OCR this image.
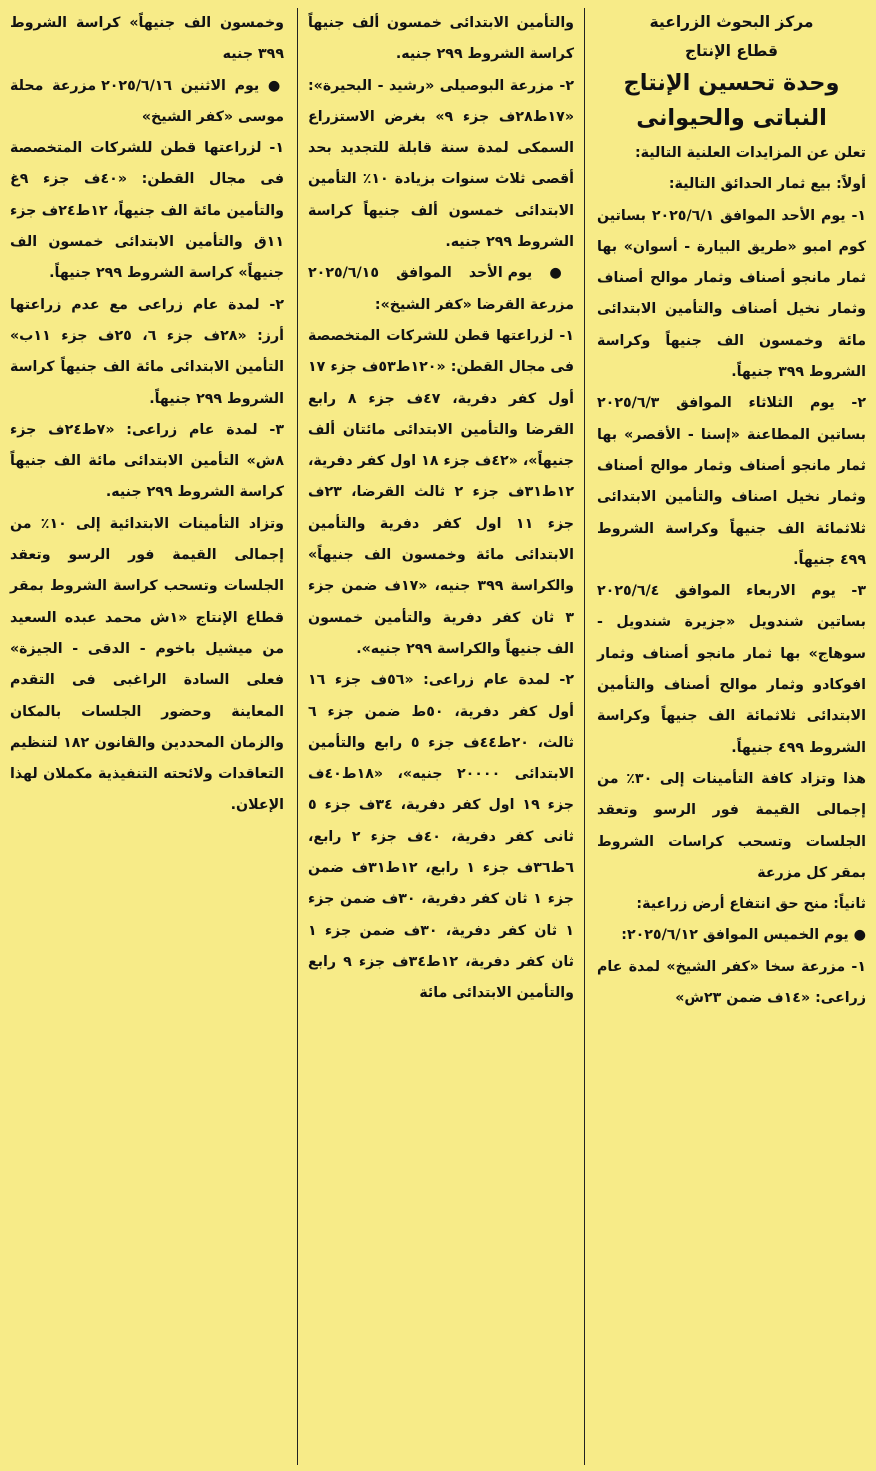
مركز البحوث الزراعية
قطاع الإنتاج
وحدة تحسين الإنتاج
النباتى والحيوانى

تعلن عن المزايدات العلنية التالية:

أولاً: بيع ثمار الحدائق التالية:

١- يوم الأحد الموافق ٢٠٢٥/٦/١ بساتين كوم امبو «طريق البيارة - أسوان» بها ثمار مانجو أصناف وثمار موالح أصناف وثمار نخيل أصناف والتأمين الابتدائى مائة وخمسون الف جنيهاً وكراسة الشروط ٣٩٩ جنيهاً.

٢- يوم الثلاثاء الموافق ٢٠٢٥/٦/٣ بساتين المطاعنة «إسنا - الأقصر» بها ثمار مانجو أصناف وثمار موالح أصناف وثمار نخيل اصناف والتأمين الابتدائى ثلاثمائة الف جنيهاً وكراسة الشروط ٤٩٩ جنيهاً.

٣- يوم الاربعاء الموافق ٢٠٢٥/٦/٤ بساتين شندويل «جزيرة شندويل - سوهاج» بها ثمار مانجو أصناف وثمار افوكادو وثمار موالح أصناف والتأمين الابتدائى ثلاثمائة الف جنيهاً وكراسة الشروط ٤٩٩ جنيهاً.

هذا وتزاد كافة التأمينات إلى ٣٠٪ من إجمالى القيمة فور الرسو وتعقد الجلسات وتسحب كراسات الشروط بمقر كل مزرعة

ثانياً: منح حق انتفاع أرض زراعية:

● يوم الخميس الموافق ٢٠٢٥/٦/١٢:

١- مزرعة سخا «كفر الشيخ» لمدة عام زراعى: «١٤ف ضمن ٢٣ش»

والتأمين الابتدائى خمسون ألف جنيهاً كراسة الشروط ٢٩٩ جنيه.

٢- مزرعة البوصيلى «رشيد - البحيرة»: «١٧ط٢٨ف جزء ٩» بغرض الاستزراع السمكى لمدة سنة قابلة للتجديد بحد أقصى ثلاث سنوات بزيادة ١٠٪ التأمين الابتدائى خمسون ألف جنيهاً كراسة الشروط ٢٩٩ جنيه.

● يوم الأحد الموافق ٢٠٢٥/٦/١٥ مزرعة القرضا «كفر الشيخ»:

١- لزراعتها قطن للشركات المتخصصة فى مجال القطن: «١٢٠ط٥٣ف جزء ١٧ أول كفر دفرية، ٤٧ف جزء ٨ رابع القرضا والتأمين الابتدائى مائتان ألف جنيهاً»، «٤٢ف جزء ١٨ اول كفر دفرية، ١٢ط٣١ف جزء ٢ ثالث القرضا، ٢٣ف جزء ١١ اول كفر دفرية والتأمين الابتدائى مائة وخمسون الف جنيهاً» والكراسة ٣٩٩ جنيه، «١٧ف ضمن جزء ٣ ثان كفر دفرية والتأمين خمسون الف جنيهاً والكراسة ٢٩٩ جنيه».

٢- لمدة عام زراعى: «٥٦ف جزء ١٦ أول كفر دفرية، ٥٠ط ضمن جزء ٦ ثالث، ٢٠ط٤٤ف جزء ٥ رابع والتأمين الابتدائى ٢٠٠٠٠ جنيه»، «١٨ط٤٠ف جزء ١٩ اول كفر دفرية، ٣٤ف جزء ٥ ثانى كفر دفرية، ٤٠ف جزء ٢ رابع، ٦ط٣٦ف جزء ١ رابع، ١٢ط٣١ف ضمن جزء ١ ثان كفر دفرية، ٣٠ف ضمن جزء ١ ثان كفر دفرية، ٣٠ف ضمن جزء ١ ثان كفر دفرية، ١٢ط٣٤ف جزء ٩ رابع والتأمين الابتدائى مائة

وخمسون الف جنيهاً» كراسة الشروط ٣٩٩ جنيه

● يوم الاثنين ٢٠٢٥/٦/١٦ مزرعة محلة موسى «كفر الشيخ»

١- لزراعتها قطن للشركات المتخصصة فى مجال القطن: «٤٠ف جزء ٩غ والتأمين مائة الف جنيهاً، ١٢ط٢٤ف جزء ١١ق والتأمين الابتدائى خمسون الف جنيهاً» كراسة الشروط ٢٩٩ جنيهاً.

٢- لمدة عام زراعى مع عدم زراعتها أرز: «٢٨ف جزء ٦، ٢٥ف جزء ١١ب» التأمين الابتدائى مائة الف جنيهاً كراسة الشروط ٢٩٩ جنيهاً.

٣- لمدة عام زراعى: «٧ط٢٤ف جزء ٨ش» التأمين الابتدائى مائة الف جنيهاً كراسة الشروط ٢٩٩ جنيه.

وتزاد التأمينات الابتدائية إلى ١٠٪ من إجمالى القيمة فور الرسو وتعقد الجلسات وتسحب كراسة الشروط بمقر قطاع الإنتاج «١ش محمد عبده السعيد من ميشيل باخوم - الدقى - الجيزة» فعلى السادة الراغبى فى التقدم المعاينة وحضور الجلسات بالمكان والزمان المحددين والقانون ١٨٢ لتنظيم التعاقدات ولائحته التنفيذية مكملان لهذا الإعلان.
